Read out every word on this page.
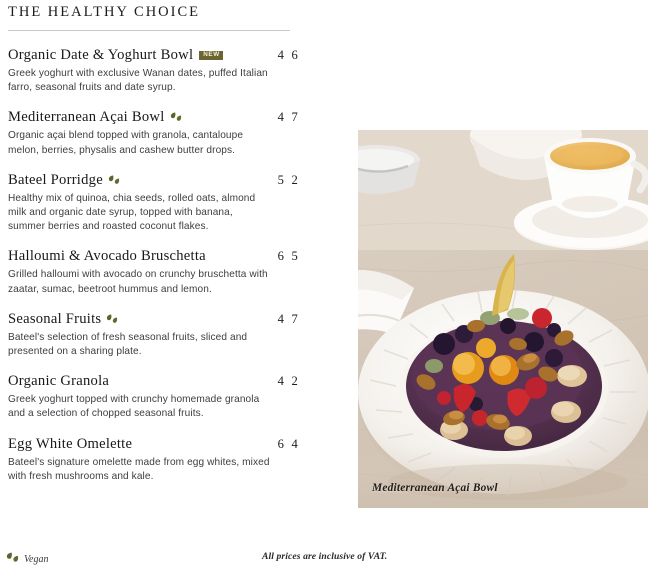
THE HEALTHY CHOICE
Organic Date & Yoghurt Bowl NEW	4 6
Greek yoghurt with exclusive Wanan dates, puffed Italian farro, seasonal fruits and date syrup.
Mediterranean Açai Bowl	4 7
Organic açai blend topped with granola, cantaloupe melon, berries, physalis and cashew butter drops.
Bateel Porridge	5 2
Healthy mix of quinoa, chia seeds, rolled oats, almond milk and organic date syrup, topped with banana, summer berries and roasted coconut flakes.
Halloumi & Avocado Bruschetta	6 5
Grilled halloumi with avocado on crunchy bruschetta with zaatar, sumac, beetroot hummus and lemon.
Seasonal Fruits	4 7
Bateel's selection of fresh seasonal fruits, sliced and presented on a sharing plate.
Organic Granola	4 2
Greek yoghurt topped with crunchy homemade granola and a selection of chopped seasonal fruits.
Egg White Omelette	6 4
Bateel's signature omelette made from egg whites, mixed with fresh mushrooms and kale.
Mediterranean Açai Bowl
Vegan	All prices are inclusive of VAT.
